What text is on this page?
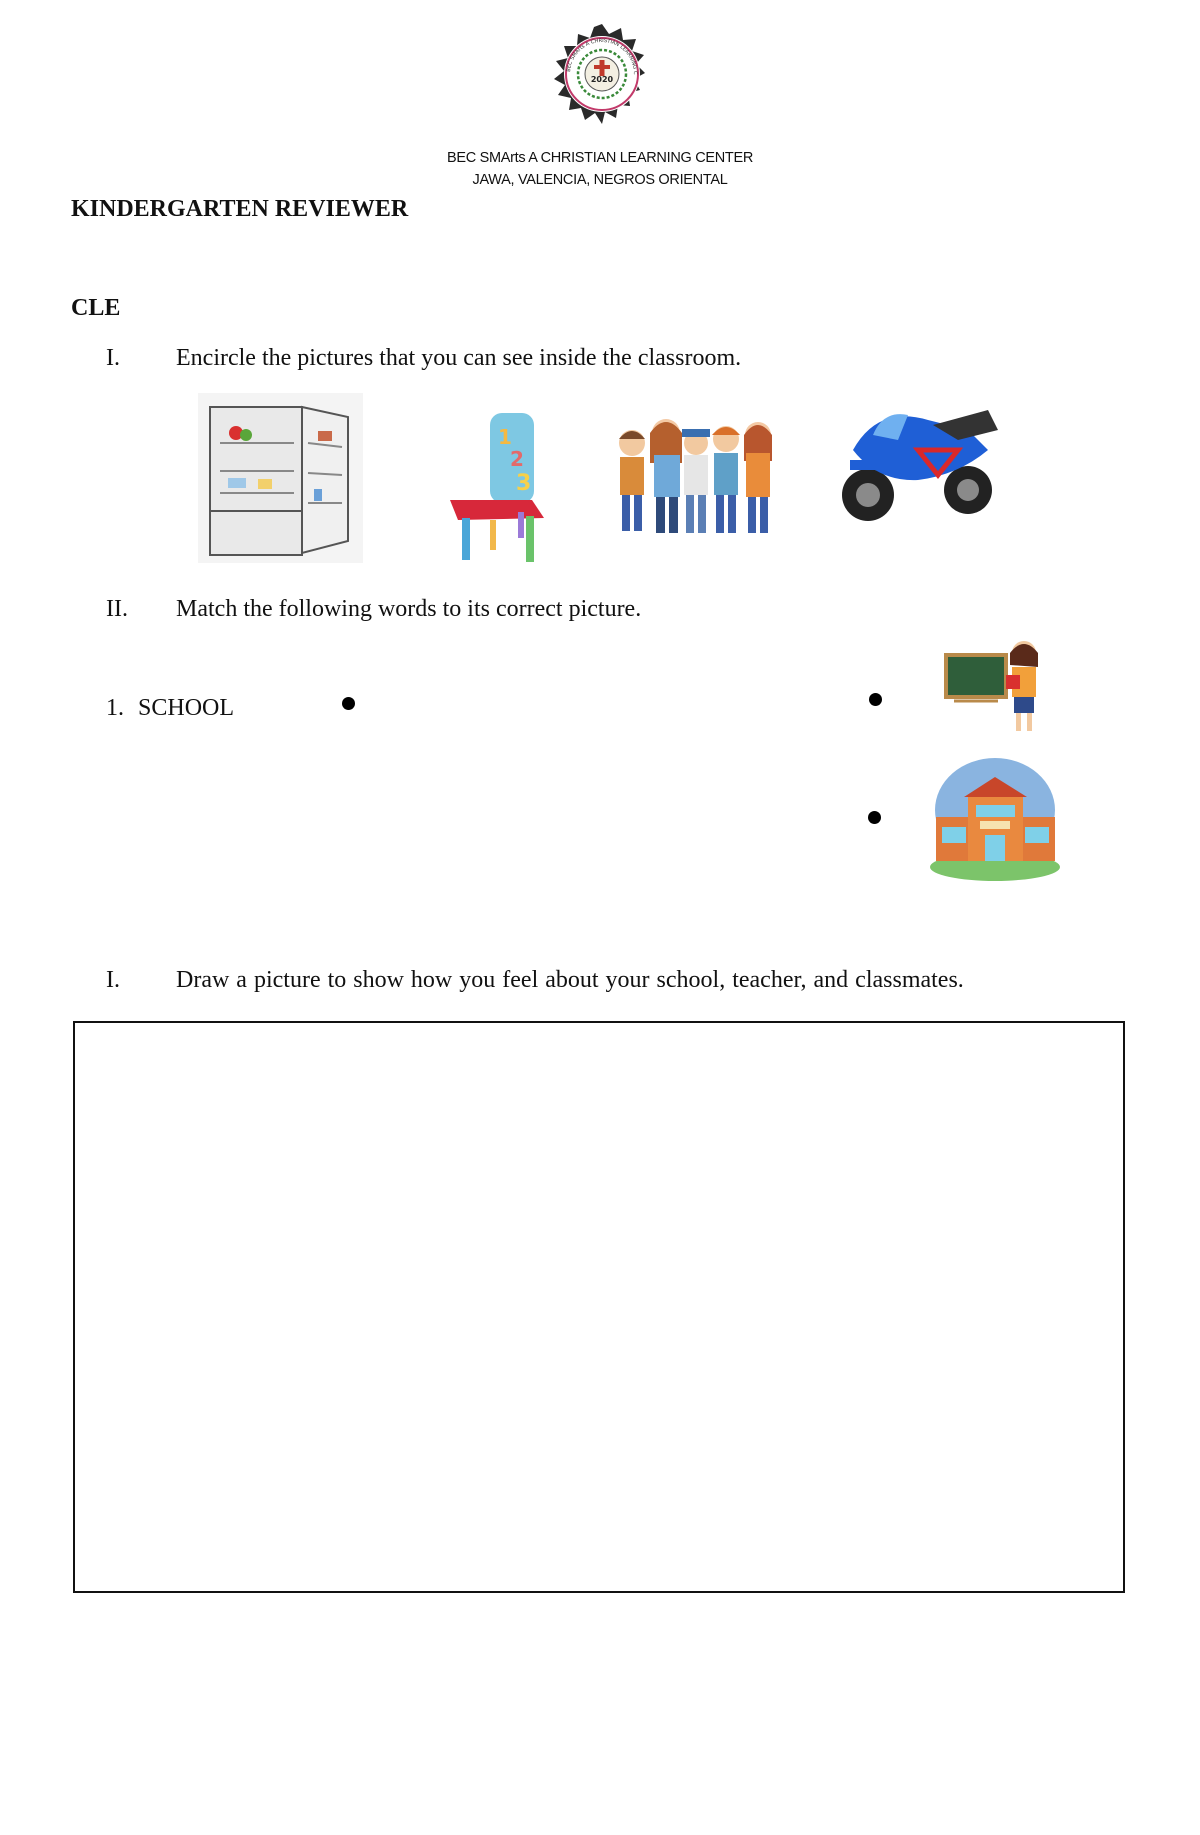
2020
BEC SMArts A CHRISTIAN LEARNING C
BEC SMArts A CHRISTIAN LEARNING CENTER
JAWA, VALENCIA, NEGROS ORIENTAL
KINDERGARTEN REVIEWER
CLE
I. Encircle the pictures that you can see inside the classroom.
1
2
3
II. Match the following words to its correct picture.
1. SCHOOL
I. Draw a picture to show how you feel about your school, teacher, and classmates.
